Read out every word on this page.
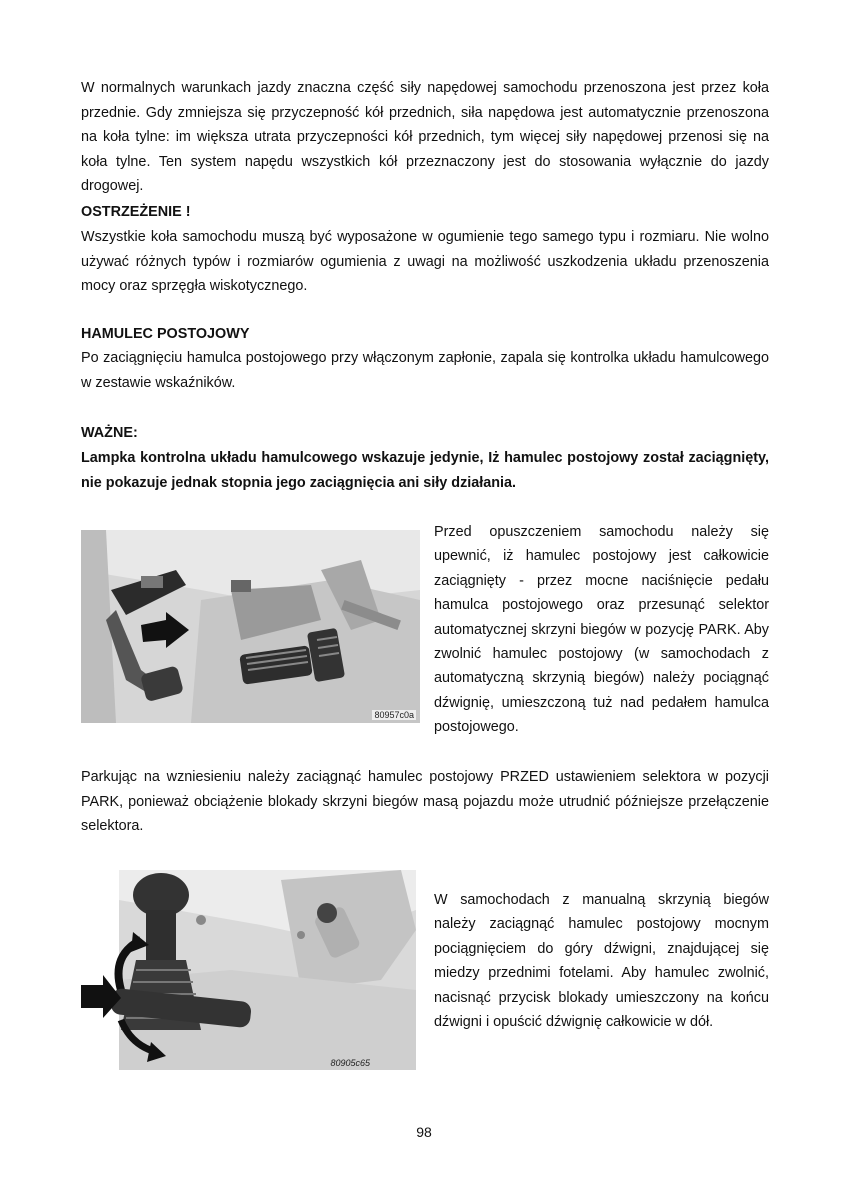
W normalnych warunkach jazdy znaczna część siły napędowej samochodu przenoszona jest przez koła przednie. Gdy zmniejsza się przyczepność kół przednich, siła napędowa jest automatycznie przenoszona na koła tylne: im większa utrata przyczepności kół przednich, tym więcej siły napędowej przenosi się na koła tylne. Ten system napędu wszystkich kół przeznaczony jest do stosowania wyłącznie do jazdy drogowej.

OSTRZEŻENIE !

Wszystkie koła samochodu muszą być wyposażone w ogumienie tego samego typu i rozmiaru. Nie wolno używać różnych typów i rozmiarów ogumienia z uwagi na możliwość uszkodzenia układu przenoszenia mocy oraz sprzęgła wiskotycznego.

HAMULEC POSTOJOWY

Po zaciągnięciu hamulca postojowego przy włączonym zapłonie, zapala się kontrolka układu hamulcowego w zestawie wskaźników.

WAŻNE:

Lampka kontrolna układu hamulcowego wskazuje jedynie, Iż hamulec postojowy został zaciągnięty, nie pokazuje jednak stopnia jego zaciągnięcia ani siły działania.

80957c0a

Przed opuszczeniem samochodu należy się upewnić, iż hamulec postojowy jest całkowicie zaciągnięty - przez mocne naciśnięcie pedału hamulca postojowego oraz przesunąć selektor automatycznej skrzyni biegów w pozycję PARK. Aby zwolnić hamulec postojowy (w samochodach z automatyczną skrzynią biegów) należy pociągnąć dźwignię, umieszczoną tuż nad pedałem hamulca postojowego.

Parkując na wzniesieniu należy zaciągnąć hamulec postojowy PRZED ustawieniem selektora w pozycji PARK, ponieważ obciążenie blokady skrzyni biegów masą pojazdu może utrudnić późniejsze przełączenie selektora.

80905c65

W samochodach z manualną skrzynią biegów należy zaciągnąć hamulec postojowy mocnym pociągnięciem do góry dźwigni, znajdującej się miedzy przednimi fotelami. Aby hamulec zwolnić, nacisnąć przycisk blokady umieszczony na końcu dźwigni i opuścić dźwignię całkowicie w dół.

98
